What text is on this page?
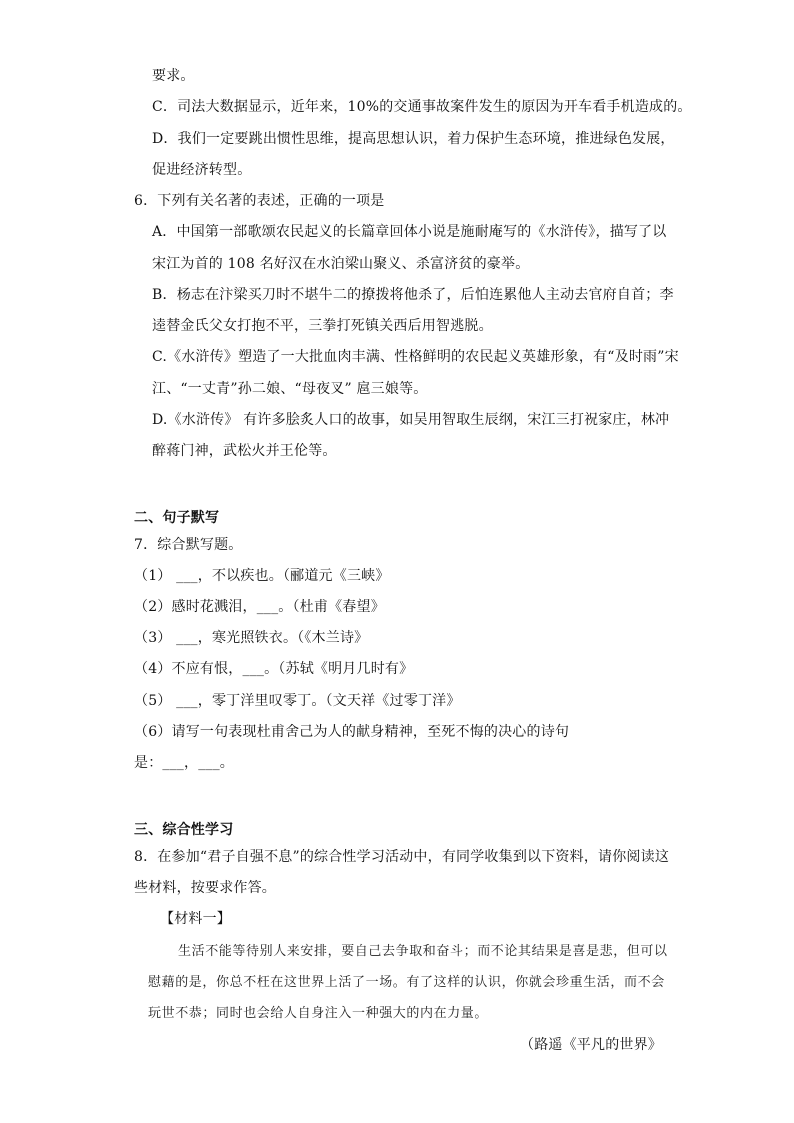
要求。
C．司法大数据显示，近年来，10%的交通事故案件发生的原因为开车看手机造成的。
D．我们一定要跳出惯性思维，提高思想认识，着力保护生态环境，推进绿色发展，
促进经济转型。
6．下列有关名著的表述，正确的一项是
A．中国第一部歌颂农民起义的长篇章回体小说是施耐庵写的《水浒传》，描写了以
宋江为首的 108 名好汉在水泊梁山聚义、杀富济贫的豪举。
B．杨志在汴梁买刀时不堪牛二的撩拨将他杀了，后怕连累他人主动去官府自首；李
逵替金氏父女打抱不平，三拳打死镇关西后用智逃脱。
C.《水浒传》塑造了一大批血肉丰满、性格鲜明的农民起义英雄形象，有“及时雨”宋
江、“一丈青”孙二娘、“母夜叉” 扈三娘等。
D.《水浒传》 有许多脍炙人口的故事，如吴用智取生辰纲，宋江三打祝家庄，林冲
醉蒋门神，武松火并王伦等。
二、句子默写
7．综合默写题。
（1） ___，不以疾也。（郦道元《三峡》
（2）感时花溅泪，___。（杜甫《春望》
（3） ___，寒光照铁衣。（《木兰诗》
（4）不应有恨，___。（苏轼《明月几时有》
（5） ___，零丁洋里叹零丁。（文天祥《过零丁洋》
（6）请写一句表现杜甫舍己为人的献身精神，至死不悔的决心的诗句
是：___，___。
三、综合性学习
8．在参加“君子自强不息”的综合性学习活动中，有同学收集到以下资料，请你阅读这
些材料，按要求作答。
【材料一】
生活不能等待别人来安排，要自己去争取和奋斗；而不论其结果是喜是悲，但可以
慰藉的是，你总不枉在这世界上活了一场。有了这样的认识，你就会珍重生活，而不会
玩世不恭；同时也会给人自身注入一种强大的内在力量。
（路遥《平凡的世界》
